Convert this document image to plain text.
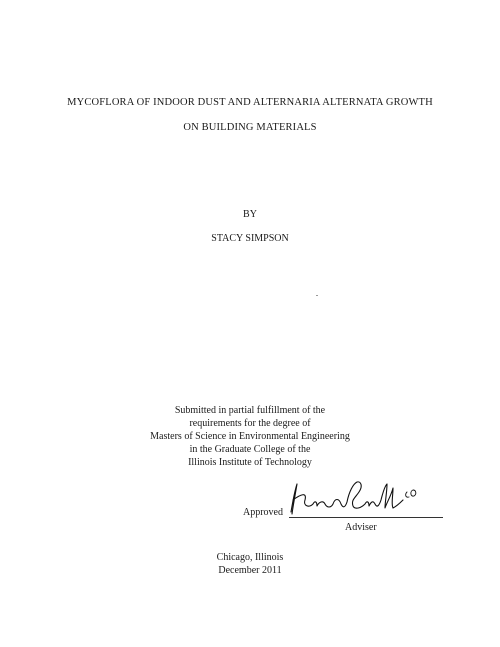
MYCOFLORA OF INDOOR DUST AND ALTERNARIA ALTERNATA GROWTH
ON BUILDING MATERIALS
BY
STACY SIMPSON
Submitted in partial fulfillment of the
requirements for the degree of
Masters of Science in Environmental Engineering
in the Graduate College of the
Illinois Institute of Technology
Approved
Adviser
Chicago, Illinois
December 2011
